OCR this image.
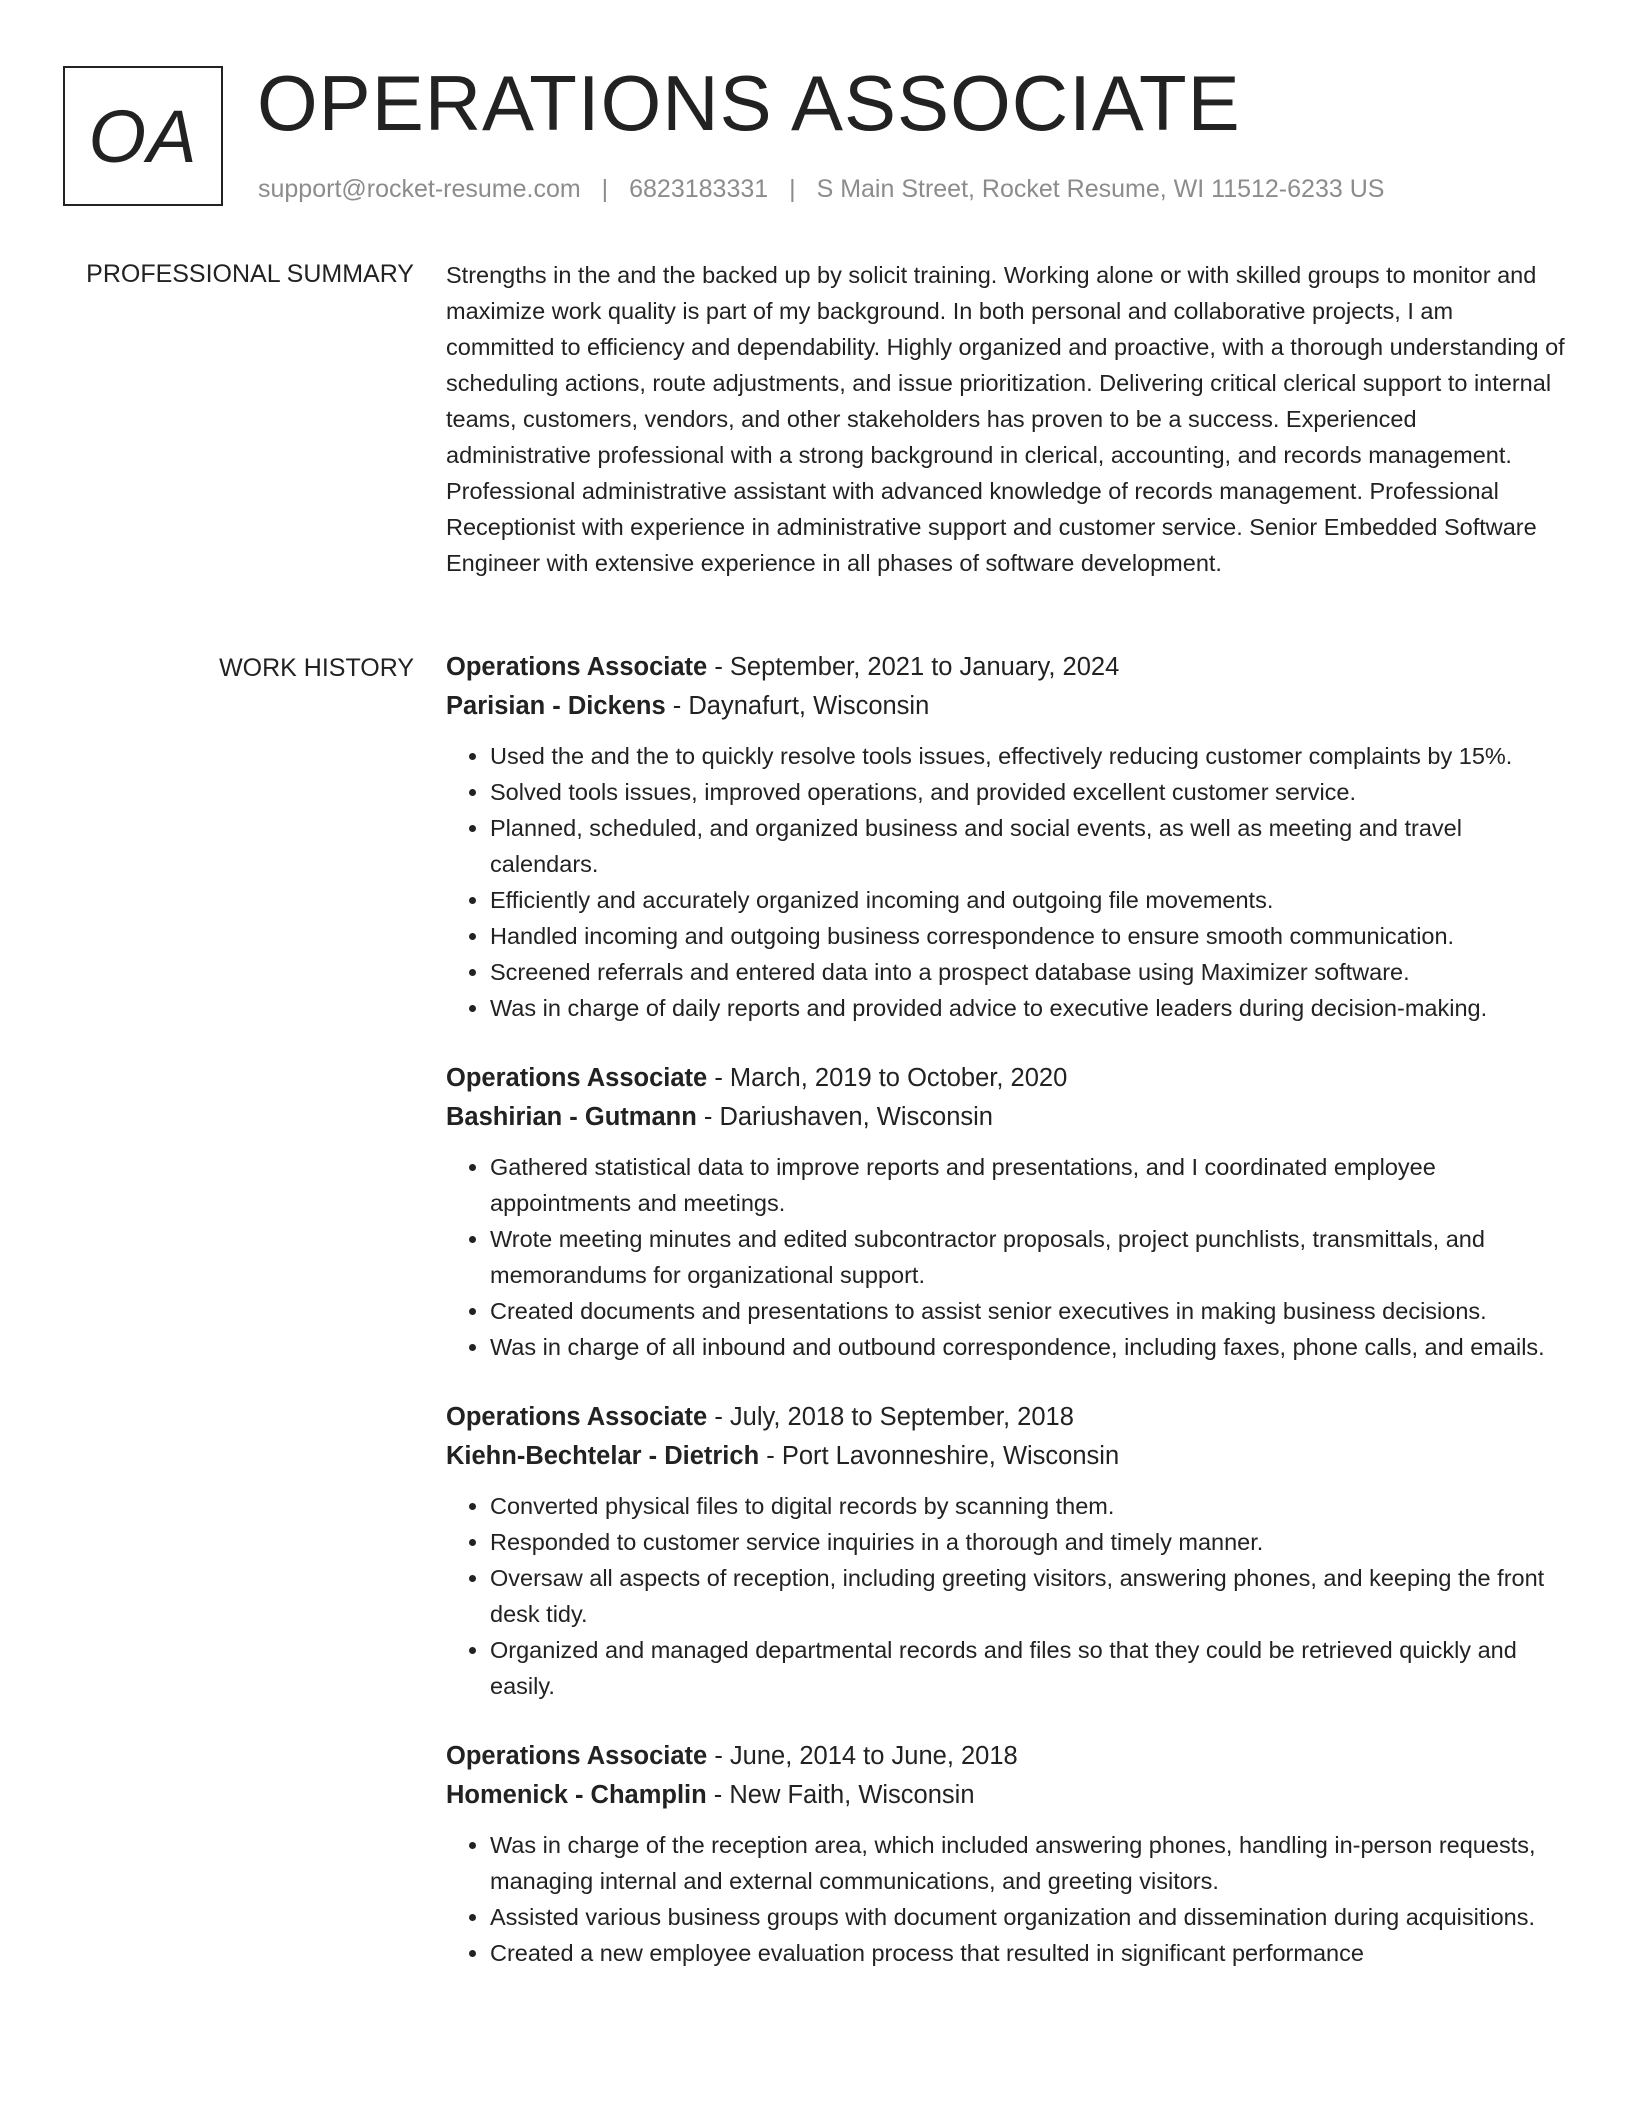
OA OPERATIONS ASSOCIATE
support@rocket-resume.com | 6823183331 | S Main Street, Rocket Resume, WI 11512-6233 US
PROFESSIONAL SUMMARY Strengths in the and the backed up by solicit training. Working alone or with skilled groups to monitor and maximize work quality is part of my background. In both personal and collaborative projects, I am committed to efficiency and dependability. Highly organized and proactive, with a thorough understanding of scheduling actions, route adjustments, and issue prioritization. Delivering critical clerical support to internal teams, customers, vendors, and other stakeholders has proven to be a success. Experienced administrative professional with a strong background in clerical, accounting, and records management. Professional administrative assistant with advanced knowledge of records management. Professional Receptionist with experience in administrative support and customer service. Senior Embedded Software Engineer with extensive experience in all phases of software development.

WORK HISTORY Operations Associate - September, 2021 to January, 2024
Parisian - Dickens - Daynafurt, Wisconsin
• Used the and the to quickly resolve tools issues, effectively reducing customer complaints by 15%.
• Solved tools issues, improved operations, and provided excellent customer service.
• Planned, scheduled, and organized business and social events, as well as meeting and travel calendars.
• Efficiently and accurately organized incoming and outgoing file movements.
• Handled incoming and outgoing business correspondence to ensure smooth communication.
• Screened referrals and entered data into a prospect database using Maximizer software.
• Was in charge of daily reports and provided advice to executive leaders during decision-making.
Operations Associate - March, 2019 to October, 2020
Bashirian - Gutmann - Dariushaven, Wisconsin
• Gathered statistical data to improve reports and presentations, and I coordinated employee appointments and meetings.
• Wrote meeting minutes and edited subcontractor proposals, project punchlists, transmittals, and memorandums for organizational support.
• Created documents and presentations to assist senior executives in making business decisions.
• Was in charge of all inbound and outbound correspondence, including faxes, phone calls, and emails.
Operations Associate - July, 2018 to September, 2018
Kiehn-Bechtelar - Dietrich - Port Lavonneshire, Wisconsin
• Converted physical files to digital records by scanning them.
• Responded to customer service inquiries in a thorough and timely manner.
• Oversaw all aspects of reception, including greeting visitors, answering phones, and keeping the front desk tidy.
• Organized and managed departmental records and files so that they could be retrieved quickly and easily.
Operations Associate - June, 2014 to June, 2018
Homenick - Champlin - New Faith, Wisconsin
• Was in charge of the reception area, which included answering phones, handling in-person requests, managing internal and external communications, and greeting visitors.
• Assisted various business groups with document organization and dissemination during acquisitions.
• Created a new employee evaluation process that resulted in significant performance
